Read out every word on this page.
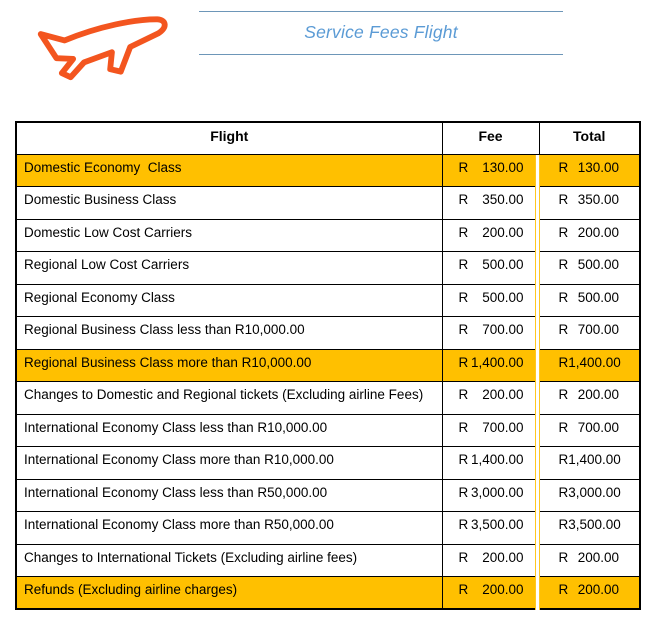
Service Fees Flight
Flight	Fee	Total
Domestic Economy  Class	R 130.00	R 130.00

Domestic Business Class	R 350.00	R 350.00

Domestic Low Cost Carriers	R 200.00	R 200.00

Regional Low Cost Carriers	R 500.00	R 500.00

Regional Economy Class	R 500.00	R 500.00

Regional Business Class less than R10,000.00	R 700.00	R 700.00

Regional Business Class more than R10,000.00	R 1,400.00	R 1,400.00

Changes to Domestic and Regional tickets (Excluding airline Fees)	R 200.00	R 200.00

International Economy Class less than R10,000.00	R 700.00	R 700.00

International Economy Class more than R10,000.00	R 1,400.00	R 1,400.00

International Economy Class less than R50,000.00	R 3,000.00	R 3,000.00

International Economy Class more than R50,000.00	R 3,500.00	R 3,500.00

Changes to International Tickets (Excluding airline fees)	R 200.00	R 200.00

Refunds (Excluding airline charges)	R 200.00	R 200.00
